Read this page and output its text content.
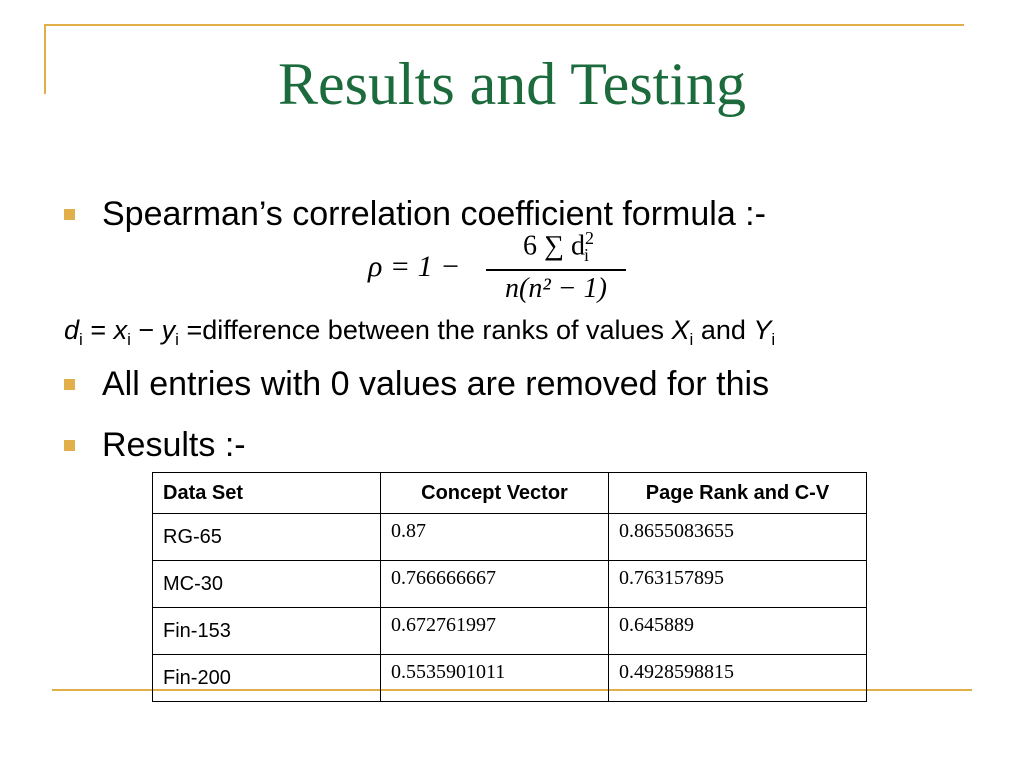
Results and Testing
Spearman’s correlation coefficient formula :-
ρ = 1 −
6 ∑ $d^2_i$
n(n² − 1)
$d_i = x_i - y_i$ =difference between the ranks of values $X_i$ and $Y_i$
All entries with 0 values are removed for this
Results :-
Data Set	Concept Vector	Page Rank and C-V
RG-65	0.87	0.8655083655
MC-30	0.766666667	0.763157895
Fin-153	0.672761997	0.645889
Fin-200	0.5535901011	0.4928598815
